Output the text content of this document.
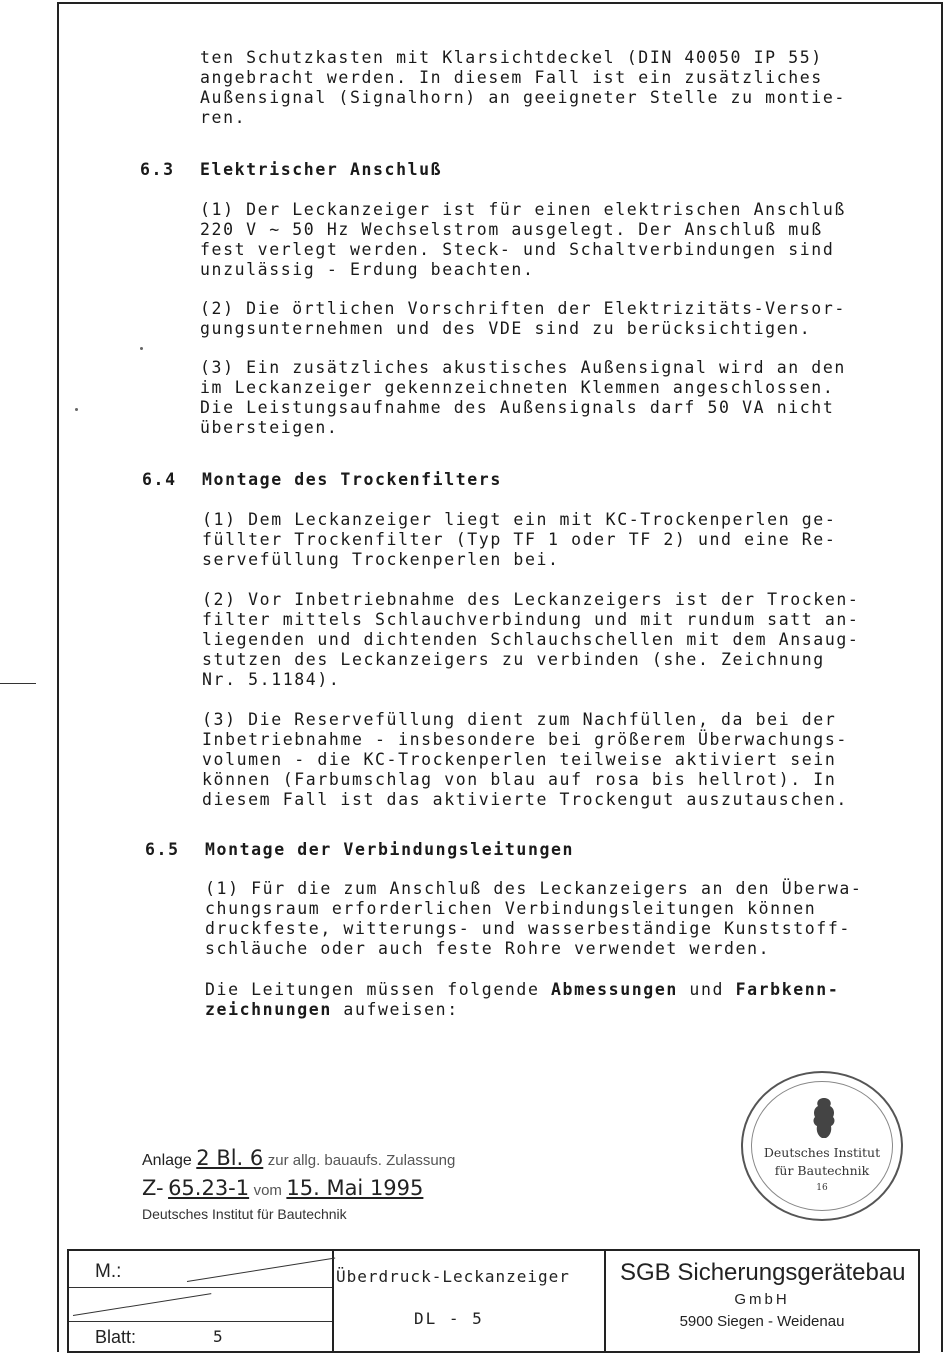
ten Schutzkasten mit Klarsichtdeckel (DIN 40050 IP 55)
angebracht werden. In diesem Fall ist ein zusätzliches
Außensignal (Signalhorn) an geeigneter Stelle zu montie-
ren.
6.3 Elektrischer Anschluß
(1) Der Leckanzeiger ist für einen elektrischen Anschluß
220 V ~ 50 Hz Wechselstrom ausgelegt. Der Anschluß muß
fest verlegt werden. Steck- und Schaltverbindungen sind
unzulässig - Erdung beachten.
(2) Die örtlichen Vorschriften der Elektrizitäts-Versor-
gungsunternehmen und des VDE sind zu berücksichtigen.
(3) Ein zusätzliches akustisches Außensignal wird an den
im Leckanzeiger gekennzeichneten Klemmen angeschlossen.
Die Leistungsaufnahme des Außensignals darf 50 VA nicht
übersteigen.
6.4 Montage des Trockenfilters
(1) Dem Leckanzeiger liegt ein mit KC-Trockenperlen ge-
füllter Trockenfilter (Typ TF 1 oder TF 2) und eine Re-
servefüllung Trockenperlen bei.
(2) Vor Inbetriebnahme des Leckanzeigers ist der Trocken-
filter mittels Schlauchverbindung und mit rundum satt an-
liegenden und dichtenden Schlauchschellen mit dem Ansaug-
stutzen des Leckanzeigers zu verbinden (she. Zeichnung
Nr. 5.1184).
(3) Die Reservefüllung dient zum Nachfüllen, da bei der
Inbetriebnahme - insbesondere bei größerem Überwachungs-
volumen - die KC-Trockenperlen teilweise aktiviert sein
können (Farbumschlag von blau auf rosa bis hellrot). In
diesem Fall ist das aktivierte Trockengut auszutauschen.
6.5 Montage der Verbindungsleitungen
(1) Für die zum Anschluß des Leckanzeigers an den Überwa-
chungsraum erforderlichen Verbindungsleitungen können
druckfeste, witterungs- und wasserbeständige Kunststoff-
schläuche oder auch feste Rohre verwendet werden.
Die Leitungen müssen folgende Abmessungen und Farbkenn-
zeichnungen aufweisen:
Anlage 2 Bl. 6 zur allg. bauaufs. Zulassung
Z- 65.23-1 vom 15. Mai 1995
Deutsches Institut für Bautechnik
Deutsches Institut
für Bautechnik
16
M.:
Blatt:	5
Überdruck-Leckanzeiger
DL - 5
SGB Sicherungsgerätebau
GmbH
5900 Siegen - Weidenau
